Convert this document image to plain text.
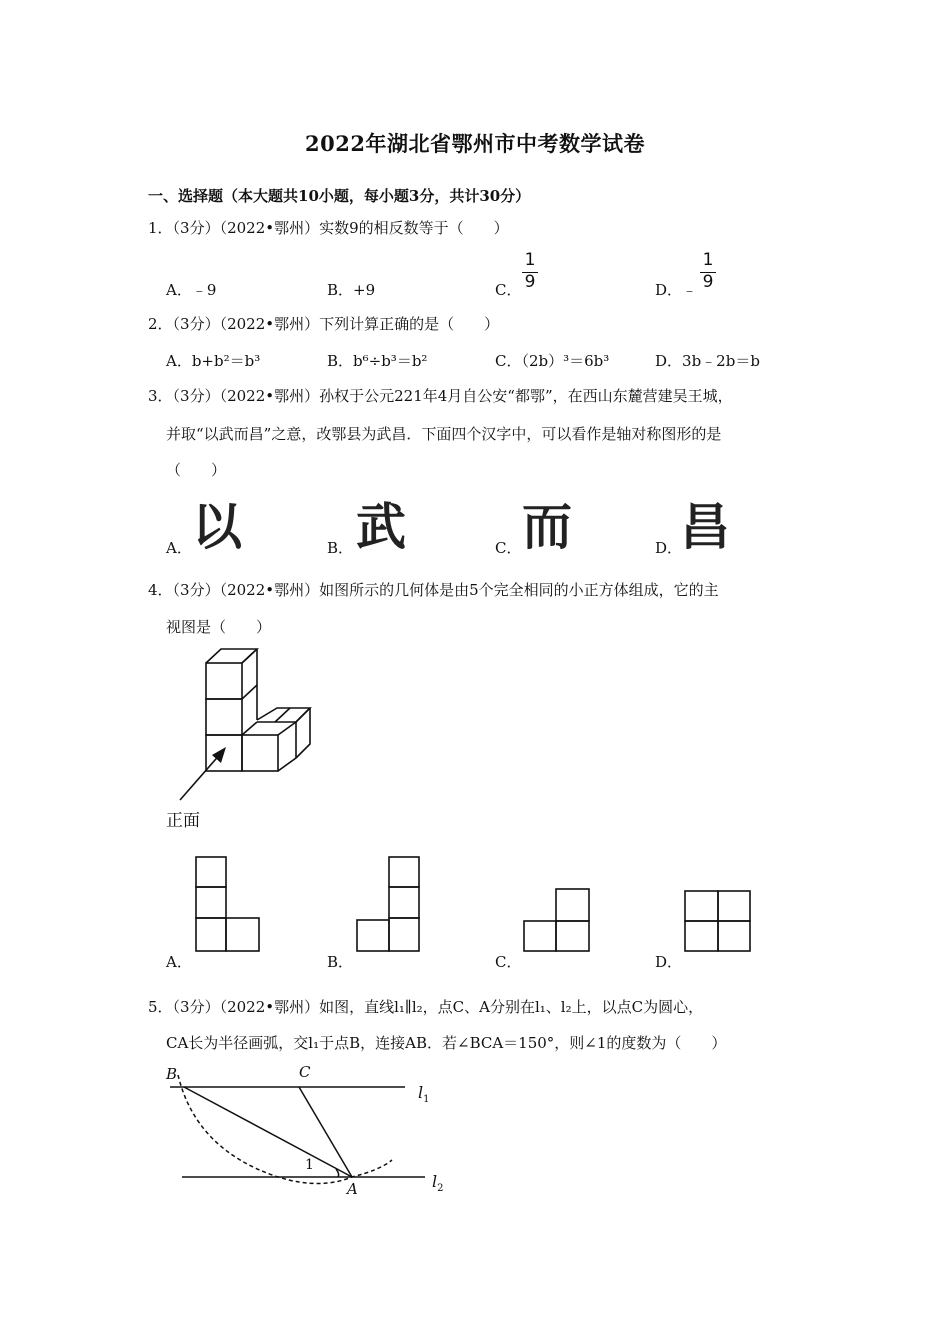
2022年湖北省鄂州市中考数学试卷
一、选择题（本大题共10小题，每小题3分，共计30分）
1．（3分）（2022•鄂州）实数9的相反数等于（　　）
A．﹣9	B．+9	C．
1
9	D．﹣
1
9
2．（3分）（2022•鄂州）下列计算正确的是（　　）
A．b+b²＝b³	B．b⁶÷b³＝b²	C．（2b）³＝6b³	D．3b﹣2b＝b
3．（3分）（2022•鄂州）孙权于公元221年4月自公安“都鄂”，在西山东麓营建吴王城，
并取“以武而昌”之意，改鄂县为武昌．下面四个汉字中，可以看作是轴对称图形的是
（　　）
A． 以	B． 武	C． 而	D．
昌
4．（3分）（2022•鄂州）如图所示的几何体是由5个完全相同的小正方体组成，它的主
视图是（　　）
正面
A．	B．	C．	D．
5．（3分）（2022•鄂州）如图，直线l₁∥l₂，点C、A分别在l₁、l₂上，以点C为圆心，
CA长为半径画弧，交l₁于点B，连接AB．若∠BCA＝150°，则∠1的度数为（　　）
B	C
A
1
$l_1$
$l_2$
